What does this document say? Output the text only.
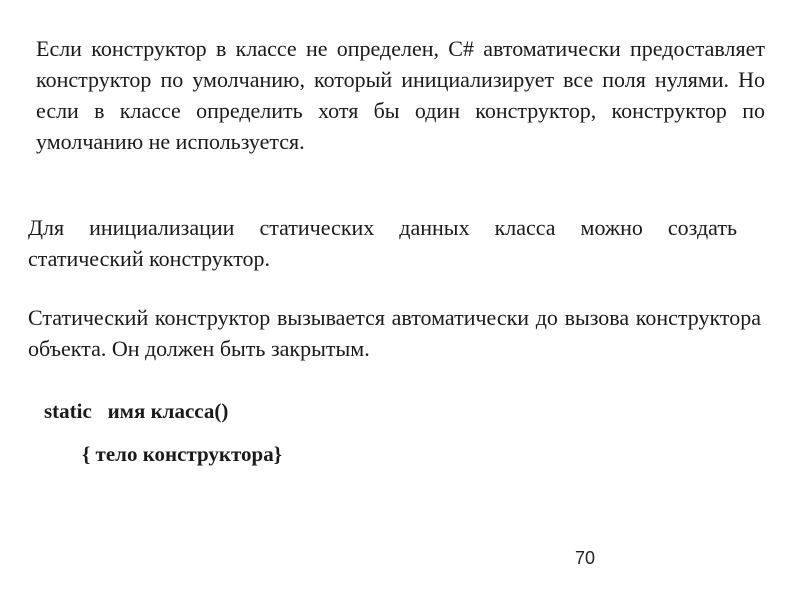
Если конструктор в классе не определен, C# автоматически предоставляет конструктор по умолчанию, который инициализирует все поля нулями. Но если в классе определить хотя бы один конструктор, конструктор по умолчанию не используется.

Для инициализации статических данных класса можно создать статический конструктор.

Статический конструктор вызывается автоматически до вызова конструктора объекта. Он должен быть закрытым.

static   имя класса()
{ тело конструктора}
70
